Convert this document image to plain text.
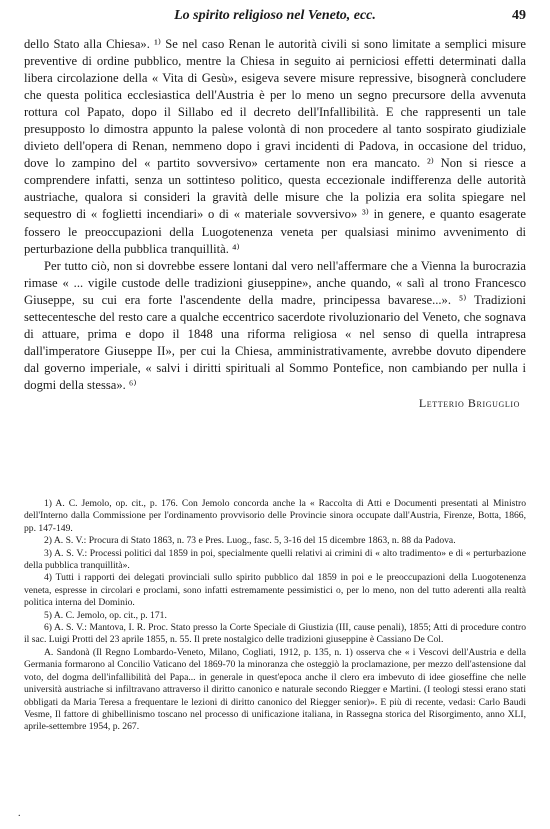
Lo spirito religioso nel Veneto, ecc.	49

dello Stato alla Chiesa». ¹⁾ Se nel caso Renan le autorità civili si sono limitate a semplici misure preventive di ordine pubblico, mentre la Chiesa in seguito ai perniciosi effetti determinati dalla libera circolazione della « Vita di Gesù», esigeva severe misure repressive, bisognerà concludere che questa politica ecclesiastica dell'Austria è per lo meno un segno precursore della avvenuta rottura col Papato, dopo il Sillabo ed il decreto dell'Infallibilità. E che rappresenti un tale presupposto lo dimostra appunto la palese volontà di non procedere al tanto sospirato giudiziale divieto dell'opera di Renan, nemmeno dopo i gravi incidenti di Padova, in occasione del triduo, dove lo zampino del « partito sovversivo» certamente non era mancato. ²⁾ Non si riesce a comprendere infatti, senza un sottinteso politico, questa eccezionale indifferenza delle autorità austriache, qualora si consideri la gravità delle misure che la polizia era solita spiegare nel sequestro di « foglietti incendiari» o di « materiale sovversivo» ³⁾ in genere, e quanto esagerate fossero le preoccupazioni della Luogotenenza veneta per qualsiasi minimo avvenimento di perturbazione della pubblica tranquillità. ⁴⁾

Per tutto ciò, non si dovrebbe essere lontani dal vero nell'affermare che a Vienna la burocrazia rimase « ... vigile custode delle tradizioni giuseppine», anche quando, « salì al trono Francesco Giuseppe, su cui era forte l'ascendente della madre, principessa bavarese...». ⁵⁾ Tradizioni settecentesche del resto care a qualche eccentrico sacerdote rivoluzionario del Veneto, che sognava di attuare, prima e dopo il 1848 una riforma religiosa « nel senso di quella intrapresa dall'imperatore Giuseppe II», per cui la Chiesa, amministrativamente, avrebbe dovuto dipendere dal governo imperiale, « salvi i diritti spirituali al Sommo Pontefice, non cambiando per nulla i dogmi della stessa». ⁶⁾

Letterio Briguglio

1) A. C. Jemolo, op. cit., p. 176. Con Jemolo concorda anche la « Raccolta di Atti e Documenti presentati al Ministro dell'Interno dalla Commissione per l'ordinamento provvisorio delle Provincie sinora occupate dall'Austria, Firenze, Botta, 1866, pp. 147-149.

2) A. S. V.: Procura di Stato 1863, n. 73 e Pres. Luog., fasc. 5, 3-16 del 15 dicembre 1863, n. 88 da Padova.

3) A. S. V.: Processi politici dal 1859 in poi, specialmente quelli relativi ai crimini di « alto tradimento» e di « perturbazione della pubblica tranquillità».

4) Tutti i rapporti dei delegati provinciali sullo spirito pubblico dal 1859 in poi e le preoccupazioni della Luogotenenza veneta, espresse in circolari e proclami, sono infatti estremamente pessimistici o, per lo meno, non del tutto aderenti alla realtà politica interna del Dominio.

5) A. C. Jemolo, op. cit., p. 171.

6) A. S. V.: Mantova, I. R. Proc. Stato presso la Corte Speciale di Giustizia (III, cause penali), 1855; Atti di procedure contro il sac. Luigi Protti del 23 aprile 1855, n. 55. Il prete nostalgico delle tradizioni giuseppine è Cassiano De Col.

A. Sandonà (Il Regno Lombardo-Veneto, Milano, Cogliati, 1912, p. 135, n. 1) osserva che « i Vescovi dell'Austria e della Germania formarono al Concilio Vaticano del 1869-70 la minoranza che osteggiò la proclamazione, per mezzo dell'astensione dal voto, del dogma dell'infallibilità del Papa... in generale in quest'epoca anche il clero era imbevuto di idee gioseffine che nelle università austriache si infiltravano attraverso il diritto canonico e naturale secondo Riegger e Martini. (I teologi stessi erano stati obbligati da Maria Teresa a frequentare le lezioni di diritto canonico del Riegger senior)». E più di recente, vedasi: Carlo Baudi Vesme, Il fattore di ghibellinismo toscano nel processo di unificazione italiana, in Rassegna storica del Risorgimento, anno XLI, aprile-settembre 1954, p. 267.

.
